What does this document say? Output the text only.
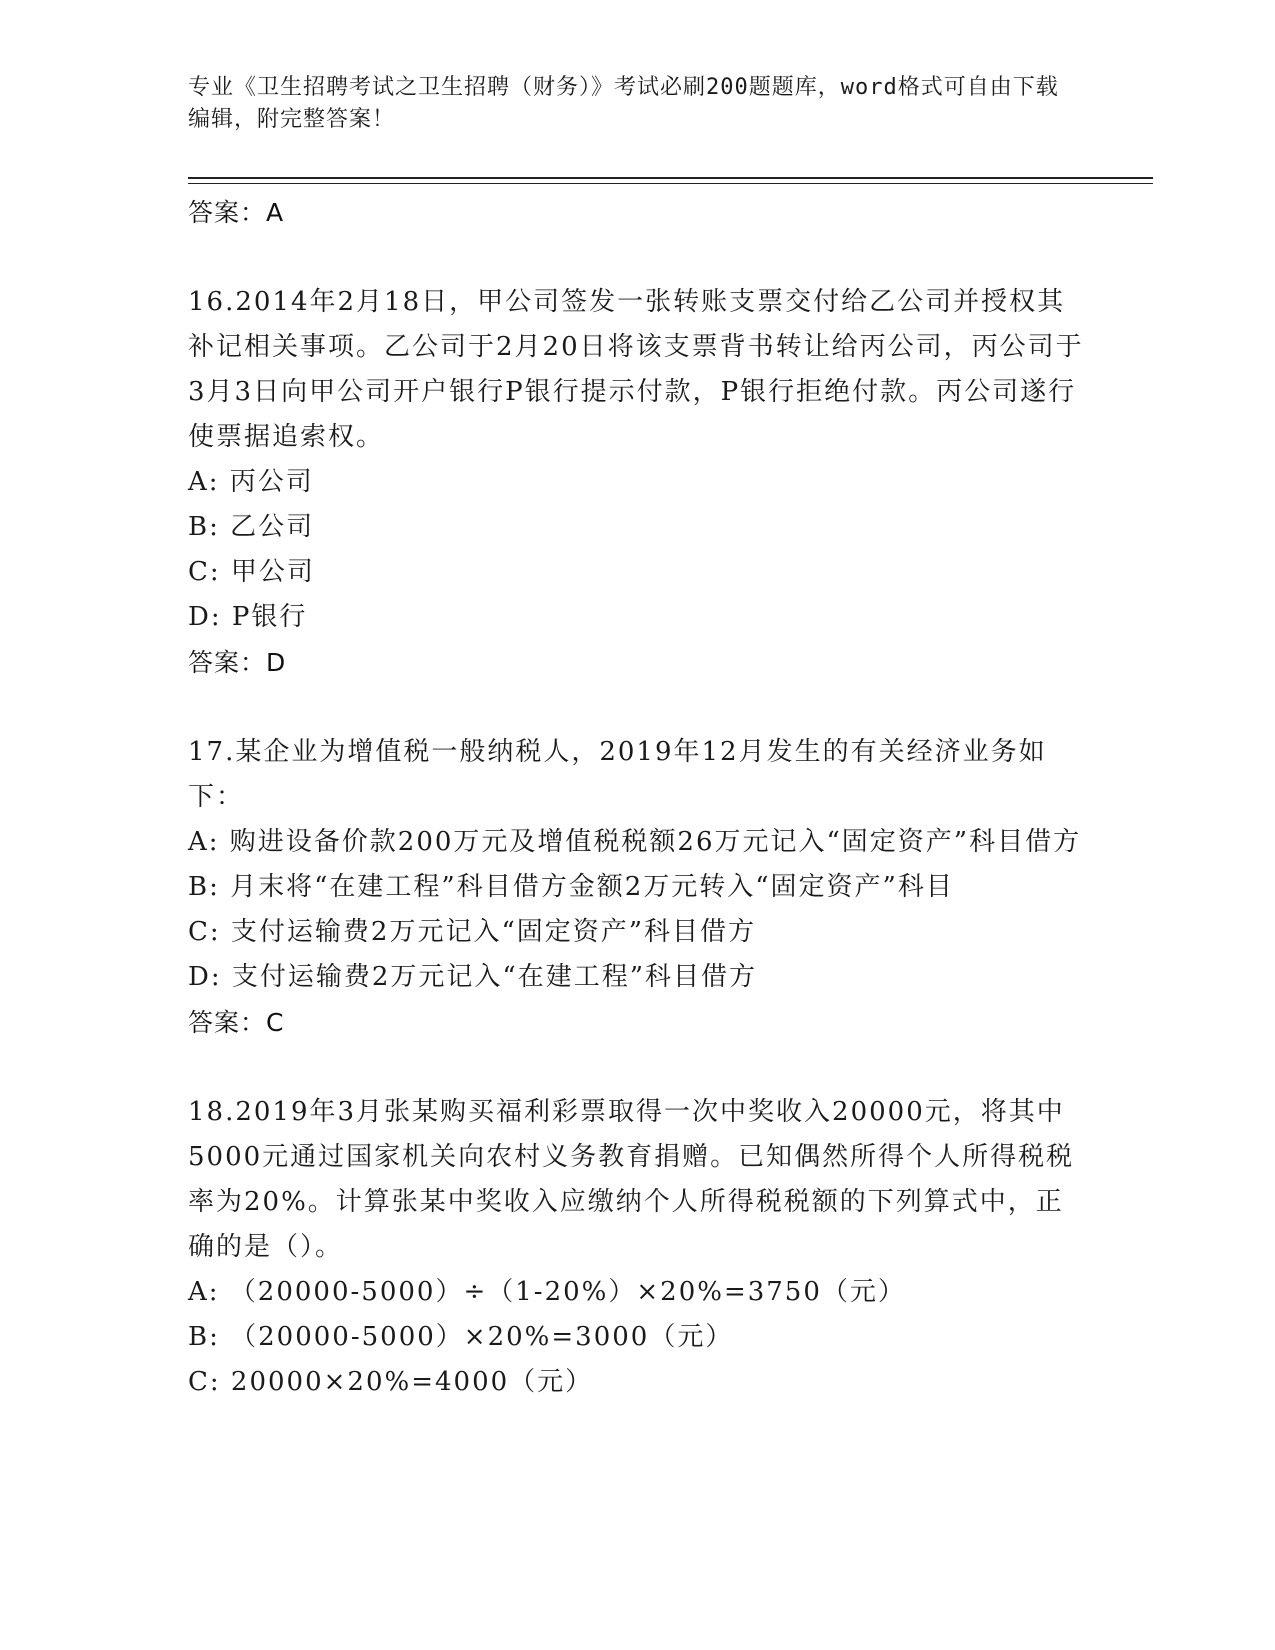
专业《卫生招聘考试之卫生招聘（财务）》考试必刷200题题库，word格式可自由下载编辑，附完整答案！
答案：A
16.2014年2月18日，甲公司签发一张转账支票交付给乙公司并授权其补记相关事项。乙公司于2月20日将该支票背书转让给丙公司，丙公司于3月3日向甲公司开户银行P银行提示付款，P银行拒绝付款。丙公司遂行使票据追索权。
A: 丙公司
B: 乙公司
C: 甲公司
D: P银行
答案：D
17.某企业为增值税一般纳税人，2019年12月发生的有关经济业务如下：
A: 购进设备价款200万元及增值税税额26万元记入“固定资产”科目借方
B: 月末将“在建工程”科目借方金额2万元转入“固定资产”科目
C: 支付运输费2万元记入“固定资产”科目借方
D: 支付运输费2万元记入“在建工程”科目借方
答案：C
18.2019年3月张某购买福利彩票取得一次中奖收入20000元，将其中5000元通过国家机关向农村义务教育捐赠。已知偶然所得个人所得税税率为20%。计算张某中奖收入应缴纳个人所得税税额的下列算式中，正确的是（）。
A: （20000-5000）÷（1-20%）×20%=3750（元）
B: （20000-5000）×20%=3000（元）
C: 20000×20%=4000（元）
